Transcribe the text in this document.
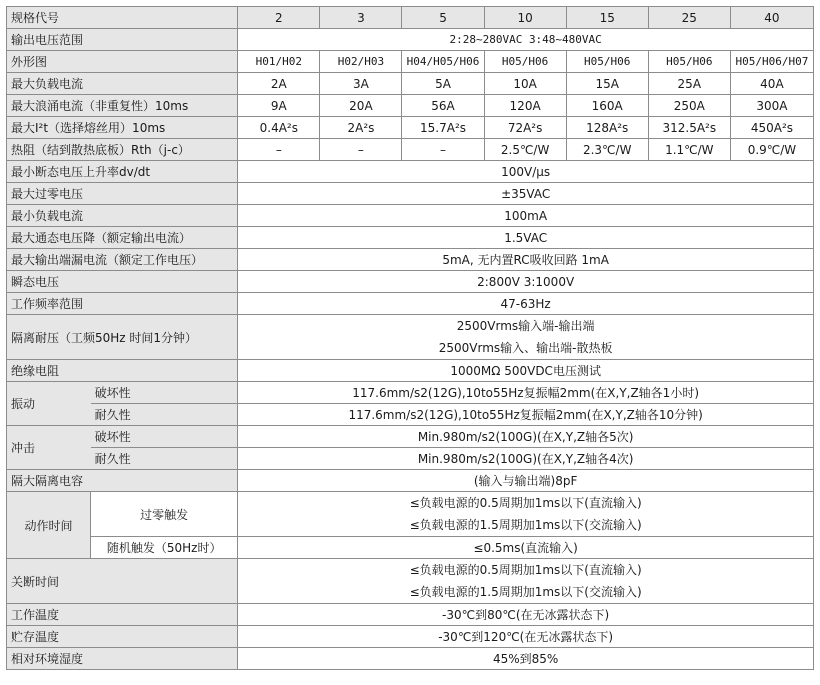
规格代号		2	3	5	10	15	25	40
输出电压范围		2:28~280VAC 3:48~480VAC						
外形图		H01/H02	H02/H03	H04/H05/H06	H05/H06	H05/H06	H05/H06	H05/H06/H07
最大负载电流		2A	3A	5A	10A	15A	25A	40A
最大浪涌电流（非重复性）10ms		9A	20A	56A	120A	160A	250A	300A
最大I²t（选择熔丝用）10ms		0.4A²s	2A²s	15.7A²s	72A²s	128A²s	312.5A²s	450A²s
热阻（结到散热底板）Rth（j-c）		–	–	–	2.5℃/W	2.3℃/W	1.1℃/W	0.9℃/W
最小断态电压上升率dv/dt		100V/μs						
最大过零电压		±35VAC						
最小负载电流		100mA						
最大通态电压降（额定输出电流）		1.5VAC						
最大输出端漏电流（额定工作电压）		5mA, 无内置RC吸收回路 1mA						
瞬态电压		2:800V 3:1000V						
工作频率范围		47-63Hz						
隔离耐压（工频50Hz 时间1分钟）		2500Vrms输入端-输出端
2500Vrms输入、输出端-散热板						

绝缘电阻		1000MΩ 500VDC电压测试						
振动	破坏性	117.6mm/s2(12G),10to55Hz复振幅2mm(在X,Y,Z轴各1小时)						
	耐久性	117.6mm/s2(12G),10to55Hz复振幅2mm(在X,Y,Z轴各10分钟)						
冲击	破坏性	Min.980m/s2(100G)(在X,Y,Z轴各5次)						
	耐久性	Min.980m/s2(100G)(在X,Y,Z轴各4次)						
隔大隔离电容		(输入与输出端)8pF						
动作时间	过零触发	≤负载电源的0.5周期加1ms以下(直流输入)
≤负载电源的1.5周期加1ms以下(交流输入)						

	随机触发（50Hz时）	≤0.5ms(直流输入)						
关断时间		≤负载电源的0.5周期加1ms以下(直流输入)
≤负载电源的1.5周期加1ms以下(交流输入)						

工作温度		-30℃到80℃(在无冰露状态下)						
贮存温度		-30℃到120℃(在无冰露状态下)						
相对环境湿度		45%到85%						
